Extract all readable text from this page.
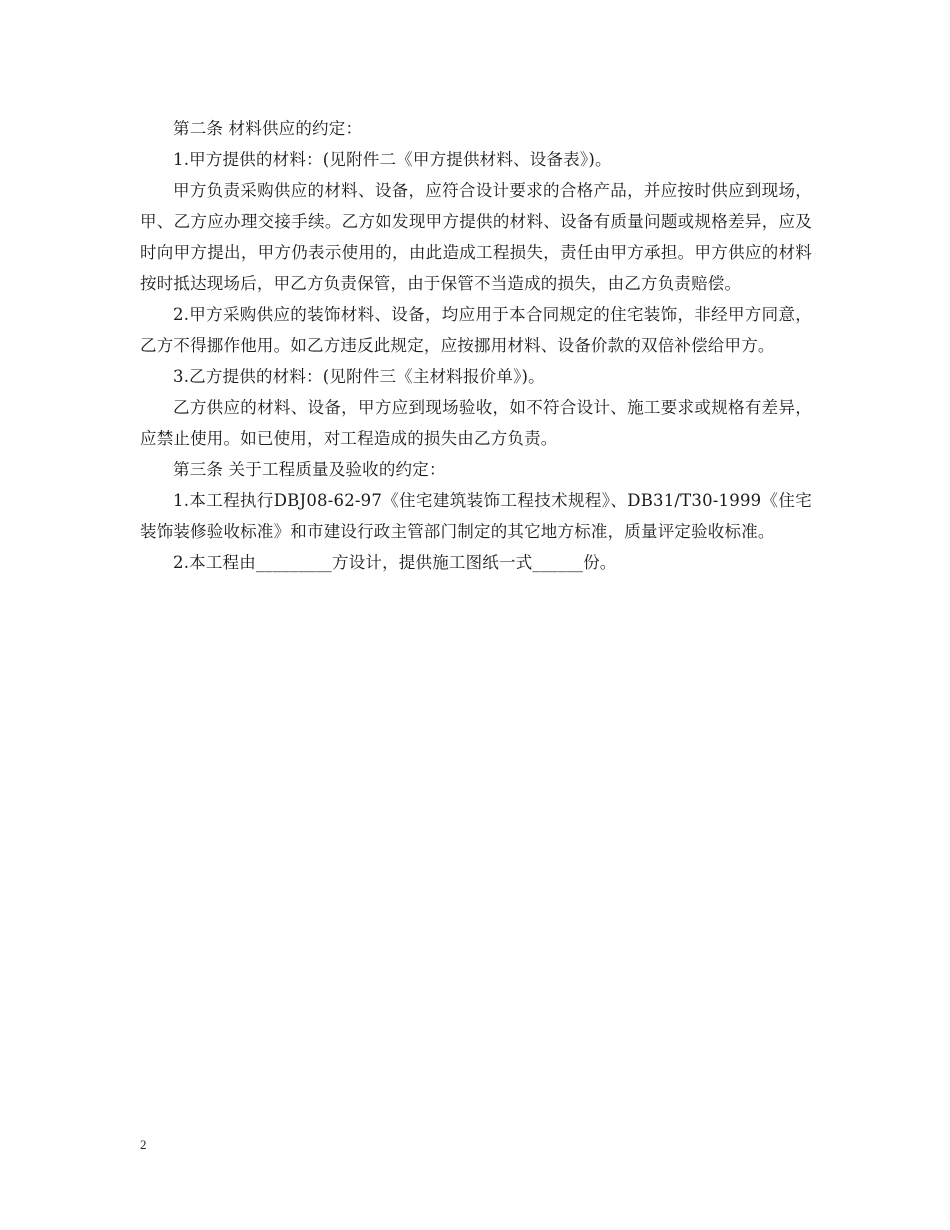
第二条 材料供应的约定：

1.甲方提供的材料：(见附件二《甲方提供材料、设备表》)。

甲方负责采购供应的材料、设备，应符合设计要求的合格产品，并应按时供应到现场，甲、乙方应办理交接手续。乙方如发现甲方提供的材料、设备有质量问题或规格差异，应及时向甲方提出，甲方仍表示使用的，由此造成工程损失，责任由甲方承担。甲方供应的材料按时抵达现场后，甲乙方负责保管，由于保管不当造成的损失，由乙方负责赔偿。

2.甲方采购供应的装饰材料、设备，均应用于本合同规定的住宅装饰，非经甲方同意，乙方不得挪作他用。如乙方违反此规定，应按挪用材料、设备价款的双倍补偿给甲方。

3.乙方提供的材料：(见附件三《主材料报价单》)。

乙方供应的材料、设备，甲方应到现场验收，如不符合设计、施工要求或规格有差异，应禁止使用。如已使用，对工程造成的损失由乙方负责。

第三条 关于工程质量及验收的约定：

1.本工程执行DBJ08-62-97《住宅建筑装饰工程技术规程》、DB31/T30-1999《住宅装饰装修验收标准》和市建设行政主管部门制定的其它地方标准，质量评定验收标准。

2.本工程由_________方设计，提供施工图纸一式______份。

2
